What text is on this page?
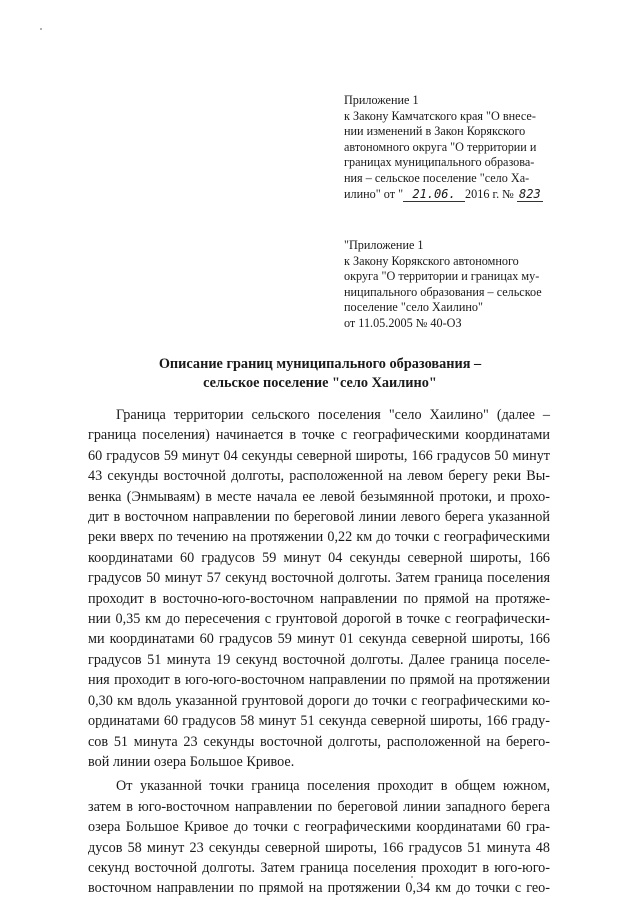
Приложение 1
к Закону Камчатского края "О внесе-
нии изменений в Закон Корякского
автономного округа "О территории и
границах муниципального образова-
ния – сельское поселение "село Ха-
илино" от " 21.06. 2016 г. № 823
"Приложение 1
к Закону Корякского автономного
округа "О территории и границах му-
ниципального образования – сельское
поселение "село Хаилино"
от 11.05.2005 № 40-ОЗ
Описание границ муниципального образования –
сельское поселение "село Хаилино"
Граница территории сельского поселения "село Хаилино" (далее –
граница поселения) начинается в точке с географическими координатами
60 градусов 59 минут 04 секунды северной широты, 166 градусов 50 минут
43 секунды восточной долготы, расположенной на левом берегу реки Вы-
венка (Энмываям) в месте начала ее левой безымянной протоки, и прохо-
дит в восточном направлении по береговой линии левого берега указанной
реки вверх по течению на протяжении 0,22 км до точки с географическими
координатами 60 градусов 59 минут 04 секунды северной широты, 166
градусов 50 минут 57 секунд восточной долготы. Затем граница поселения
проходит в восточно-юго-восточном направлении по прямой на протяже-
нии 0,35 км до пересечения с грунтовой дорогой в точке с географически-
ми координатами 60 градусов 59 минут 01 секунда северной широты, 166
градусов 51 минута 19 секунд восточной долготы. Далее граница поселе-
ния проходит в юго-юго-восточном направлении по прямой на протяжении
0,30 км вдоль указанной грунтовой дороги до точки с географическими ко-
ординатами 60 градусов 58 минут 51 секунда северной широты, 166 граду-
сов 51 минута 23 секунды восточной долготы, расположенной на берего-
вой линии озера Большое Кривое.
От указанной точки граница поселения проходит в общем южном,
затем в юго-восточном направлении по береговой линии западного берега
озера Большое Кривое до точки с географическими координатами 60 гра-
дусов 58 минут 23 секунды северной широты, 166 градусов 51 минута 48
секунд восточной долготы. Затем граница поселения проходит в юго-юго-
восточном направлении по прямой на протяжении 0,34 км до точки с гео-
